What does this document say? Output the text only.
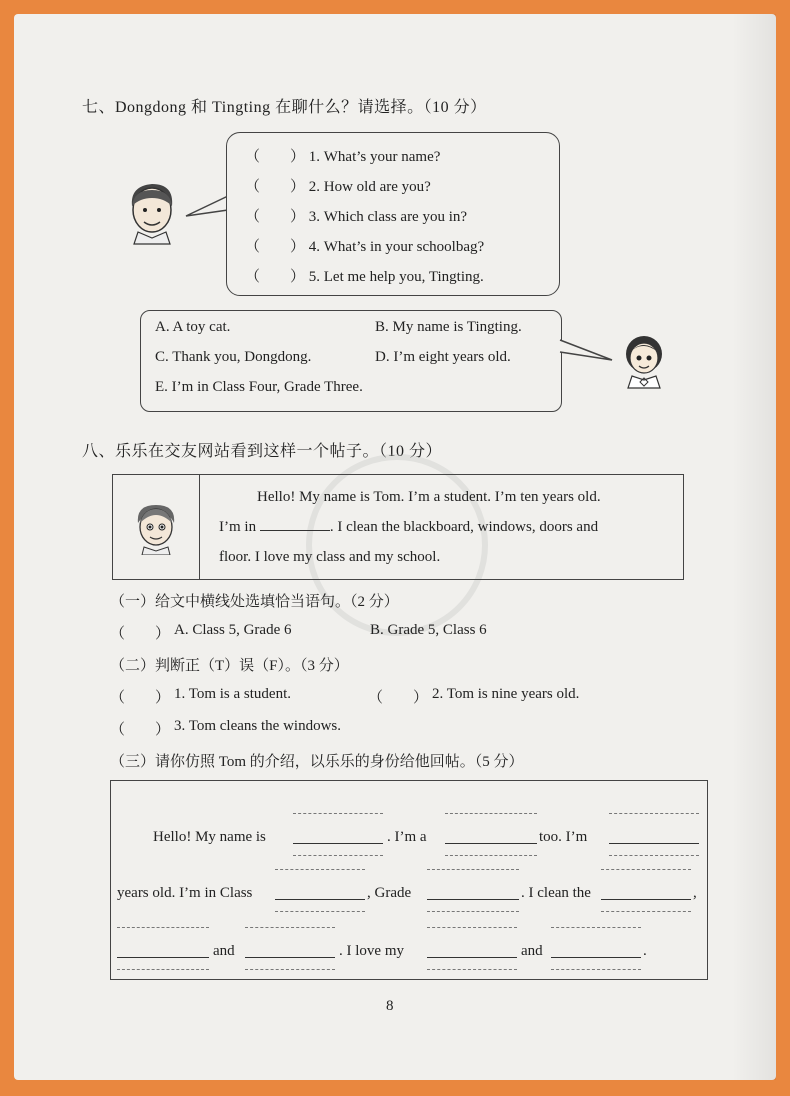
七、Dongdong 和 Tingting 在聊什么？请选择。（10 分）
（　　） 1. What’s your name?
（　　） 2. How old are you?
（　　） 3. Which class are you in?
（　　） 4. What’s in your schoolbag?
（　　） 5. Let me help you, Tingting.
A. A toy cat.	B. My name is Tingting.
C. Thank you, Dongdong.	D. I’m eight years old.
E. I’m in Class Four, Grade Three.
八、乐乐在交友网站看到这样一个帖子。（10 分）
Hello! My name is Tom. I’m a student. I’m ten years old.
I’m in	. I clean the blackboard, windows, doors and
floor. I love my class and my school.
（一）给文中横线处选填恰当语句。（2 分）
（　　） A. Class 5, Grade 6	B. Grade 5, Class 6
（二）判断正（T）误（F）。（3 分）
（　　） 1. Tom is a student.	（　　） 2. Tom is nine years old.
（　　） 3. Tom cleans the windows.
（三）请你仿照 Tom 的介绍，以乐乐的身份给他回帖。（5 分）
Hello! My name is	. I’m a	too. I’m
years old. I’m in Class	, Grade	. I clean the	,
and	. I love my	and	.
8
